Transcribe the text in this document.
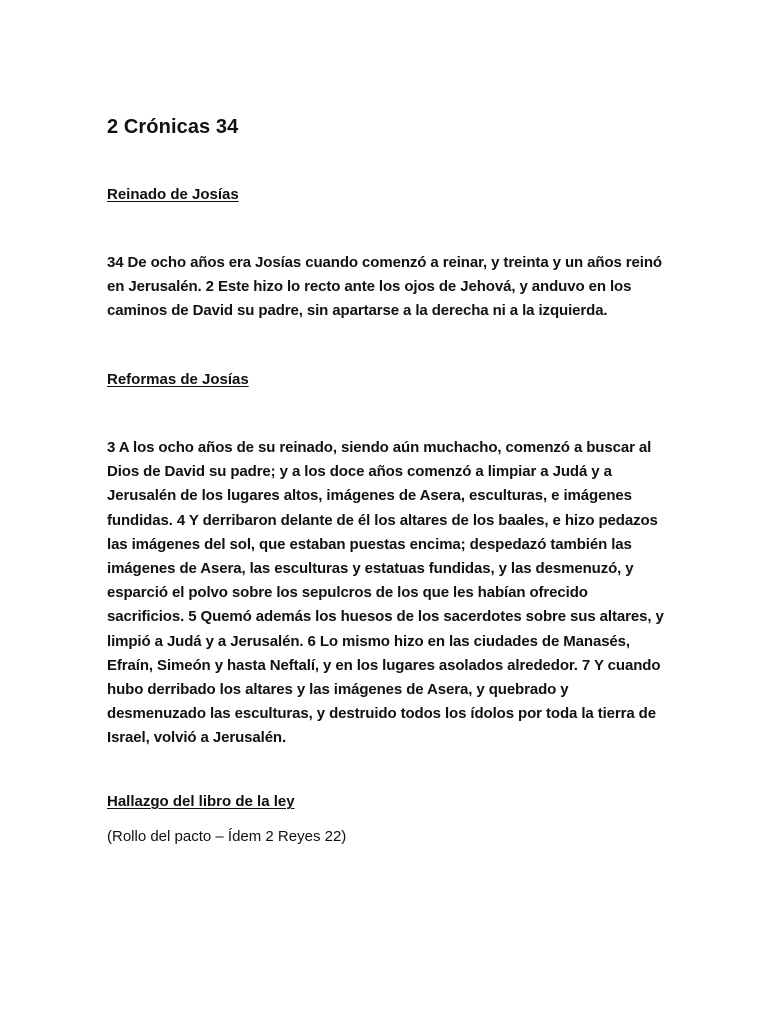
2 Crónicas 34
Reinado de Josías

34 De ocho años era Josías cuando comenzó a reinar, y treinta y un años reinó en Jerusalén. 2 Este hizo lo recto ante los ojos de Jehová, y anduvo en los caminos de David su padre, sin apartarse a la derecha ni a la izquierda.

Reformas de Josías

3 A los ocho años de su reinado, siendo aún muchacho, comenzó a buscar al Dios de David su padre; y a los doce años comenzó a limpiar a Judá y a Jerusalén de los lugares altos, imágenes de Asera, esculturas, e imágenes fundidas. 4 Y derribaron delante de él los altares de los baales, e hizo pedazos las imágenes del sol, que estaban puestas encima; despedazó también las imágenes de Asera, las esculturas y estatuas fundidas, y las desmenuzó, y esparció el polvo sobre los sepulcros de los que les habían ofrecido sacrificios. 5 Quemó además los huesos de los sacerdotes sobre sus altares, y limpió a Judá y a Jerusalén. 6 Lo mismo hizo en las ciudades de Manasés, Efraín, Simeón y hasta Neftalí, y en los lugares asolados alrededor. 7 Y cuando hubo derribado los altares y las imágenes de Asera, y quebrado y desmenuzado las esculturas, y destruido todos los ídolos por toda la tierra de Israel, volvió a Jerusalén.

Hallazgo del libro de la ley

(Rollo del pacto – Ídem 2 Reyes 22)
